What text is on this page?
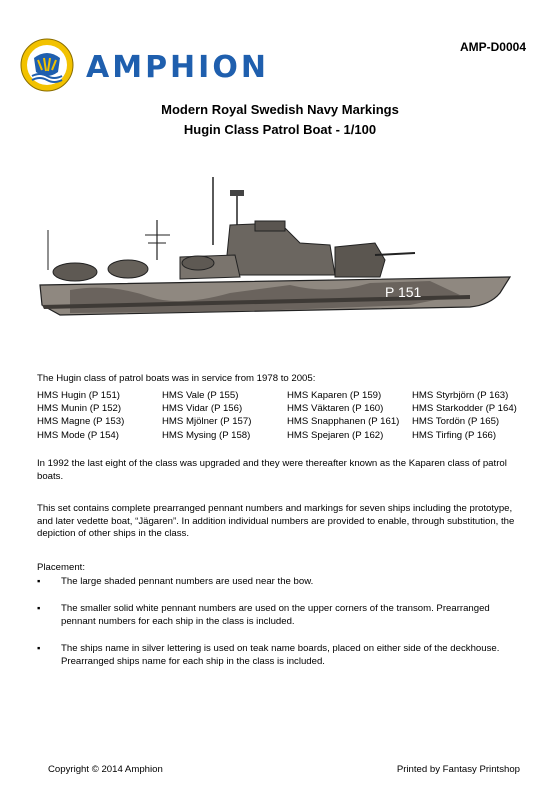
AMPHION
AMP-D0004
Modern Royal Swedish Navy Markings
Hugin Class Patrol Boat - 1/100
P 151
The Hugin class of patrol boats was in service from 1978 to 2005:
HMS Hugin (P 151)	HMS Vale (P 155)	HMS Kaparen (P 159)	HMS Styrbjörn (P 163)
HMS Munin (P 152)	HMS Vidar (P 156)	HMS Väktaren (P 160)	HMS Starkodder (P 164)
HMS Magne (P 153)	HMS Mjölner (P 157)	HMS Snapphanen (P 161)	HMS Tordön (P 165)
HMS Mode (P 154)	HMS Mysing (P 158)	HMS Spejaren (P 162)	HMS Tirfing (P 166)
In 1992 the last eight of the class was upgraded and they were thereafter known as the Kaparen class of patrol boats.
This set contains complete prearranged pennant numbers and markings for seven ships including the prototype, and later vedette boat, “Jägaren”. In addition individual numbers are provided to enable, through substitution, the depiction of other ships in the class.
Placement:
▪ The large shaded pennant numbers are used near the bow.
▪ The smaller solid white pennant numbers are used on the upper corners of the transom. Prearranged pennant numbers for each ship in the class is included.
▪ The ships name in silver lettering is used on teak name boards, placed on either side of the deckhouse. Prearranged ships name for each ship in the class is included.
Copyright © 2014 Amphion	Printed by Fantasy Printshop
